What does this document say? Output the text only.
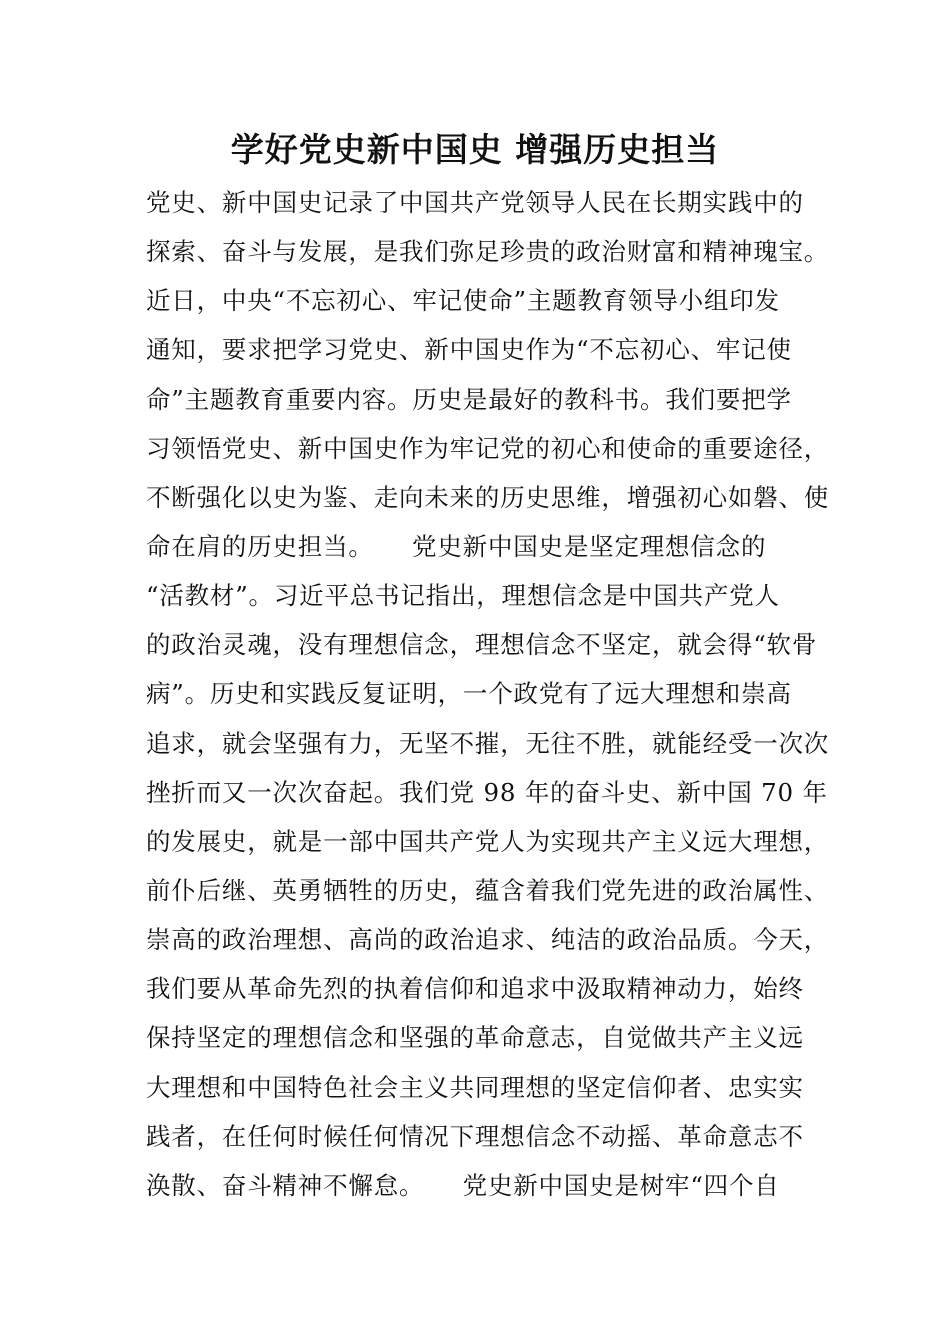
学好党史新中国史 增强历史担当
党史、新中国史记录了中国共产党领导人民在长期实践中的
探索、奋斗与发展，是我们弥足珍贵的政治财富和精神瑰宝。
近日，中央“不忘初心、牢记使命”主题教育领导小组印发
通知，要求把学习党史、新中国史作为“不忘初心、牢记使
命”主题教育重要内容。历史是最好的教科书。我们要把学
习领悟党史、新中国史作为牢记党的初心和使命的重要途径，
不断强化以史为鉴、走向未来的历史思维，增强初心如磐、使
命在肩的历史担当。　　党史新中国史是坚定理想信念的
“活教材”。习近平总书记指出，理想信念是中国共产党人
的政治灵魂，没有理想信念，理想信念不坚定，就会得“软骨
病”。历史和实践反复证明，一个政党有了远大理想和崇高
追求，就会坚强有力，无坚不摧，无往不胜，就能经受一次次
挫折而又一次次奋起。我们党 98 年的奋斗史、新中国 70 年
的发展史，就是一部中国共产党人为实现共产主义远大理想，
前仆后继、英勇牺牲的历史，蕴含着我们党先进的政治属性、
崇高的政治理想、高尚的政治追求、纯洁的政治品质。今天，
我们要从革命先烈的执着信仰和追求中汲取精神动力，始终
保持坚定的理想信念和坚强的革命意志，自觉做共产主义远
大理想和中国特色社会主义共同理想的坚定信仰者、忠实实
践者，在任何时候任何情况下理想信念不动摇、革命意志不
涣散、奋斗精神不懈怠。　　党史新中国史是树牢“四个自
